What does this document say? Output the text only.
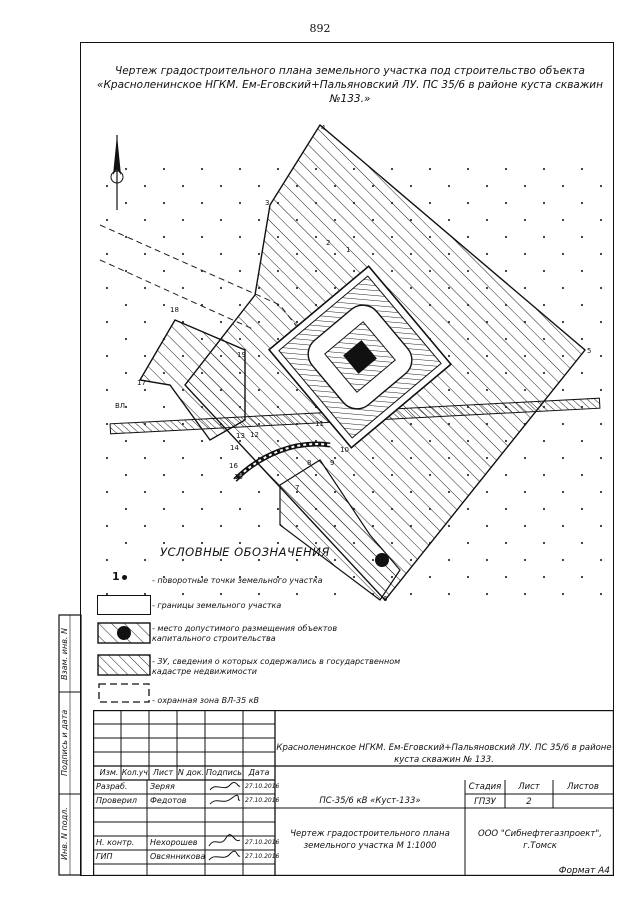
892
Чертеж градостроительного плана земельного участка под строительство объекта
«Красноленинское НГКМ. Ем-Еговский+Пальяновский ЛУ. ПС 35/6 в районе куста скважин №133.»
1
2
3
4
5
6
7
8	9
10
11
12
13
14
15
16
17
18
19
ВЛ
УСЛОВНЫЕ ОБОЗНАЧЕНИЯ
1	- поворотные точки земельного участка
- границы земельного участка
- место допустимого размещения объектов капитального строительства
- ЗУ, сведения о которых содержались в государственном кадастре недвижимости
- охранная зона ВЛ-35 кВ
Инв. N подл.
Подпись и дата
Взам. инв. N
Красноленинское НГКМ. Ем-Еговский+Пальяновский ЛУ. ПС 35/6 в районе куста скважин № 133.
Изм. Кол.уч. Лист N док. Подпись Дата
Разраб.	Зеряя	27.10.2016
Проверил Федотов	27.10.2016
Н. контр. Нехорошев	27.10.2016
ГИП	Овсянникова	27.10.2016
ПС-35/6 кВ «Куст-133»
Стадия	Лист	Листов
ГПЗУ	2
Чертеж градостроительного плана земельного участка М 1:1000
ООО "Сибнефтегазпроект", г.Томск
Формат А4
